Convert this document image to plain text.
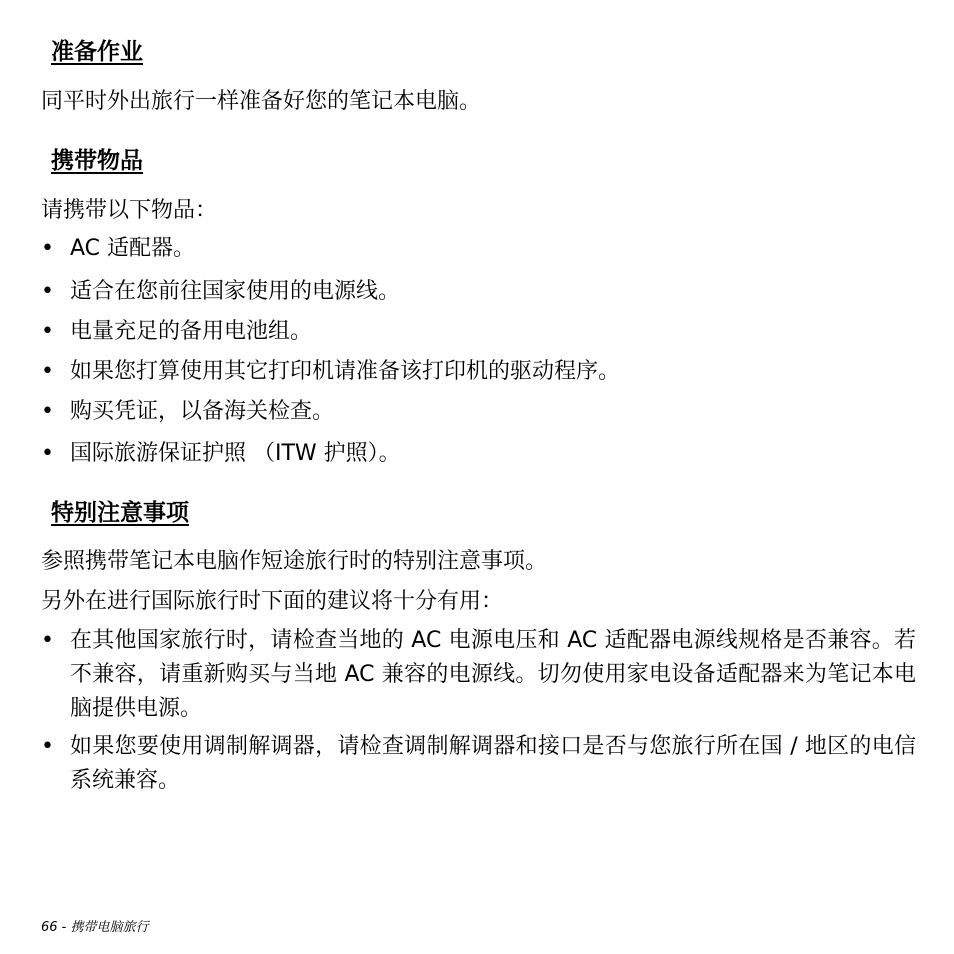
准备作业
同平时外出旅行一样准备好您的笔记本电脑。
携带物品
请携带以下物品：
• AC 适配器。
• 适合在您前往国家使用的电源线。
• 电量充足的备用电池组。
• 如果您打算使用其它打印机请准备该打印机的驱动程序。
• 购买凭证，以备海关检查。
• 国际旅游保证护照 （ITW 护照）。
特别注意事项
参照携带笔记本电脑作短途旅行时的特别注意事项。
另外在进行国际旅行时下面的建议将十分有用：
• 在其他国家旅行时，请检查当地的 AC 电源电压和 AC 适配器电源线规格是否兼容。若不兼容，请重新购买与当地 AC 兼容的电源线。切勿使用家电设备适配器来为笔记本电脑提供电源。
• 如果您要使用调制解调器，请检查调制解调器和接口是否与您旅行所在国 / 地区的电信系统兼容。
66 - 携带电脑旅行
